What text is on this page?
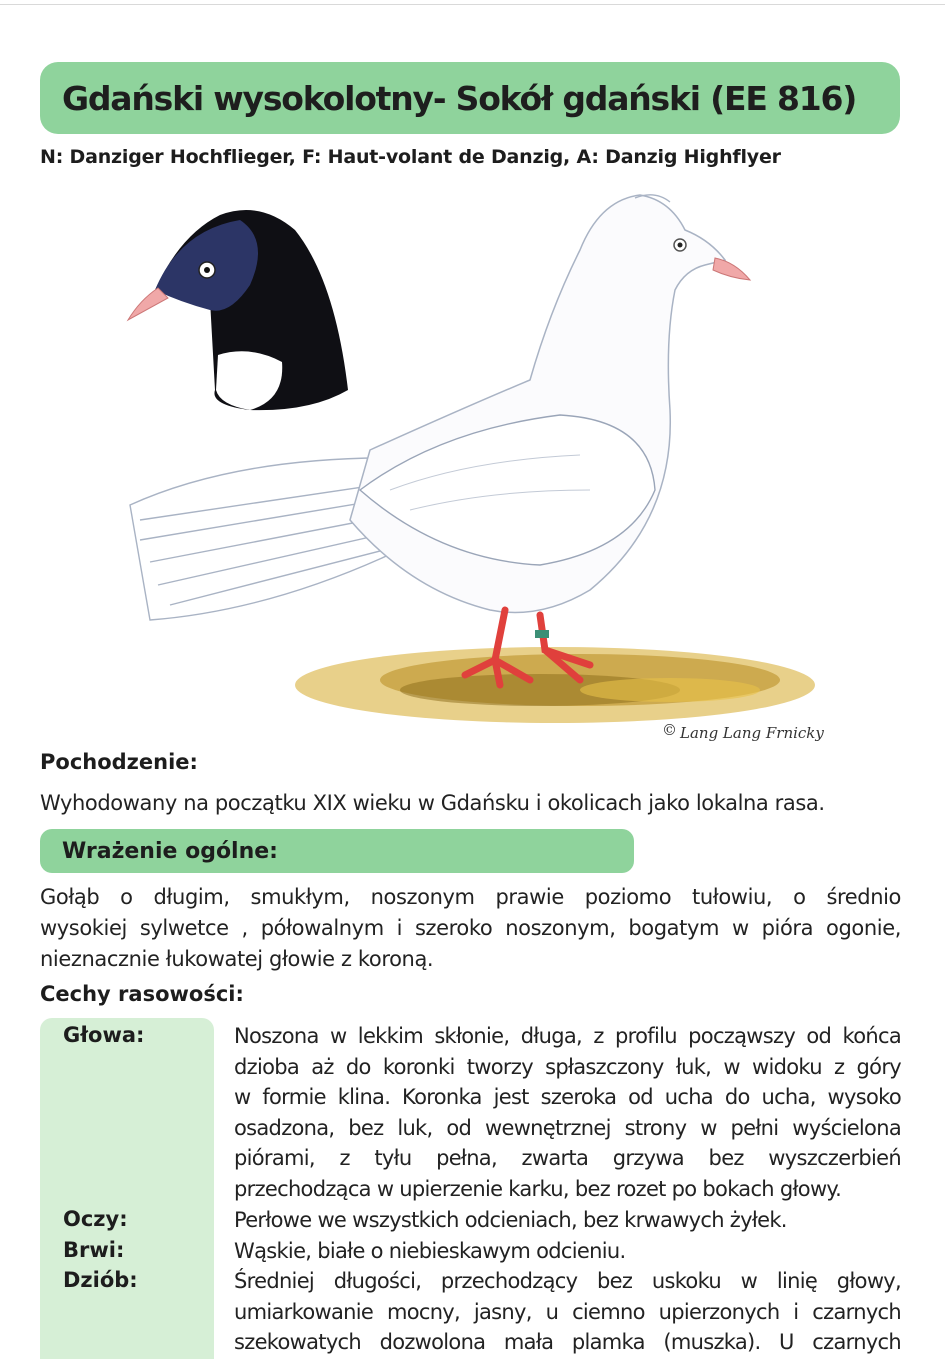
Gdański wysokolotny- Sokół gdański (EE 816)
N: Danziger Hochflieger, F: Haut-volant de Danzig, A: Danzig Highflyer
© Lang Lang Frnicky
Pochodzenie:
Wyhodowany na początku XIX wieku w Gdańsku i okolicach jako lokalna rasa.
Wrażenie ogólne:
Gołąb o długim, smukłym, noszonym prawie poziomo tułowiu, o średnio
wysokiej sylwetce , półowalnym i szeroko noszonym, bogatym w pióra ogonie,
nieznacznie łukowatej głowie z koroną.
Cechy rasowości:
Głowa:	Noszona w lekkim skłonie, długa, z profilu począwszy od końca
dzioba aż do koronki tworzy spłaszczony łuk, w widoku z góry
w formie klina. Koronka jest szeroka od ucha do ucha, wysoko
osadzona, bez luk, od wewnętrznej strony w pełni wyścielona
piórami, z tyłu pełna, zwarta grzywa bez wyszczerbień
przechodząca w upierzenie karku, bez rozet po bokach głowy.
Oczy:	Perłowe we wszystkich odcieniach, bez krwawych żyłek.
Brwi:	Wąskie, białe o niebieskawym odcieniu.
Dziób:	Średniej długości, przechodzący bez uskoku w linię głowy,
umiarkowanie mocny, jasny, u ciemno upierzonych i czarnych
szekowatych dozwolona mała plamka (muszka). U czarnych
